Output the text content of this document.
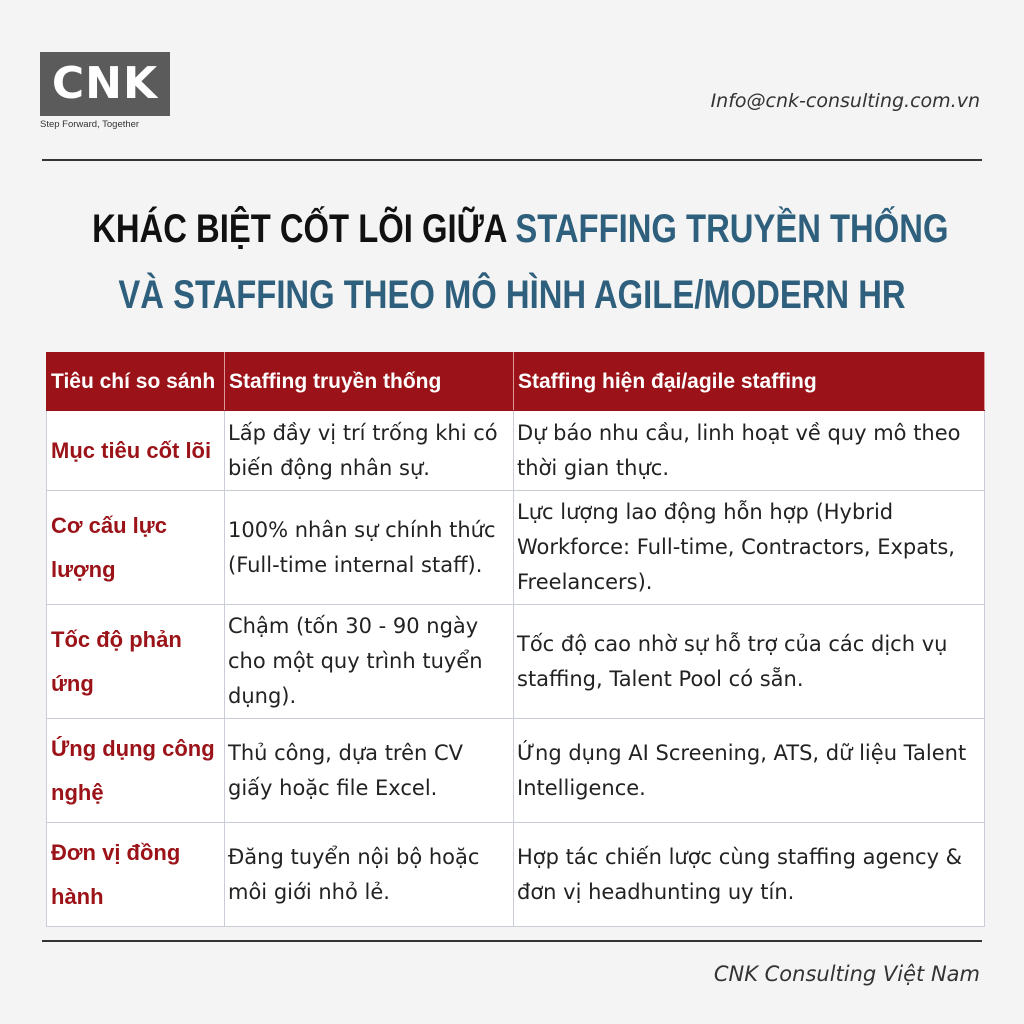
CNK
Step Forward, Together
Info@cnk-consulting.com.vn
KHÁC BIỆT CỐT LÕI GIỮA STAFFING TRUYỀN THỐNG
VÀ STAFFING THEO MÔ HÌNH AGILE/MODERN HR
Tiêu chí so sánh	Staffing truyền thống	Staffing hiện đại/agile staffing
Mục tiêu cốt lõi	Lấp đầy vị trí trống khi có biến động nhân sự.	Dự báo nhu cầu, linh hoạt về quy mô theo thời gian thực.
Cơ cấu lực lượng	100% nhân sự chính thức (Full-time internal staff).	Lực lượng lao động hỗn hợp (Hybrid Workforce: Full-time, Contractors, Expats, Freelancers).
Tốc độ phản ứng	Chậm (tốn 30 - 90 ngày cho một quy trình tuyển dụng).	Tốc độ cao nhờ sự hỗ trợ của các dịch vụ staffing, Talent Pool có sẵn.
Ứng dụng công nghệ	Thủ công, dựa trên CV giấy hoặc file Excel.	Ứng dụng AI Screening, ATS, dữ liệu Talent Intelligence.
Đơn vị đồng hành	Đăng tuyển nội bộ hoặc môi giới nhỏ lẻ.	Hợp tác chiến lược cùng staffing agency & đơn vị headhunting uy tín.
CNK Consulting Việt Nam
